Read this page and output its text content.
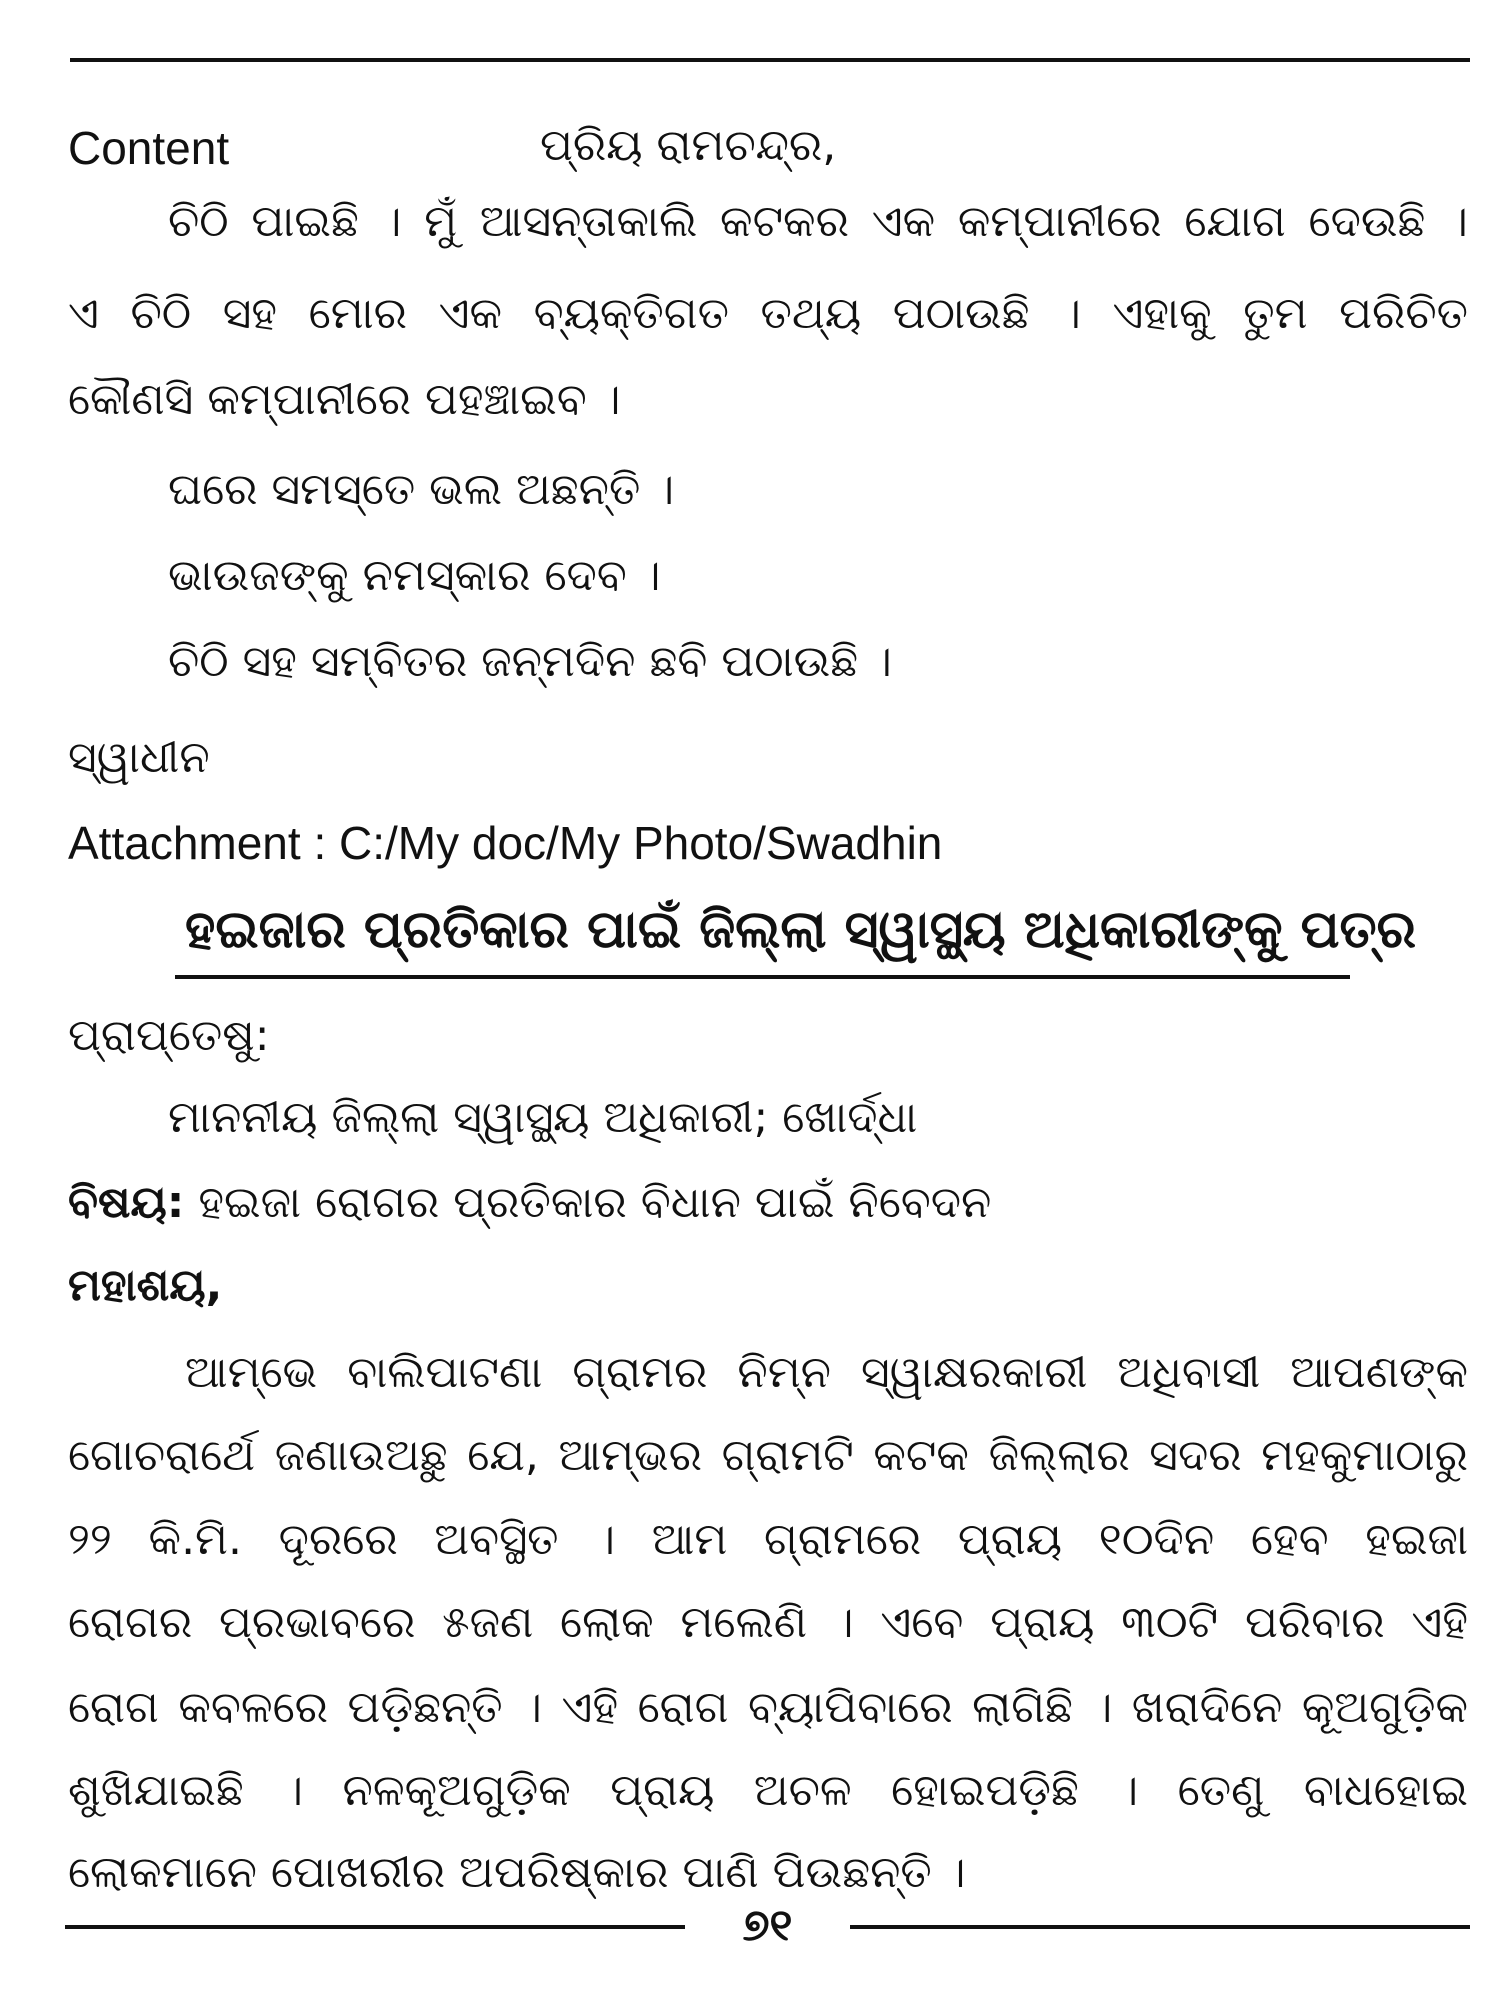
Content	ପ୍ରିୟ ରାମଚନ୍ଦ୍ର,
ଚିଠି ପାଇଛି । ମୁଁ ଆସନ୍ତାକାଲି କଟକର ଏକ କମ୍ପାନୀରେ ଯୋଗ ଦେଉଛି ।
ଏ ଚିଠି ସହ ମୋର ଏକ ବ୍ୟକ୍ତିଗତ ତଥ୍ୟ ପଠାଉଛି । ଏହାକୁ ତୁମ ପରିଚିତ
କୌଣସି କମ୍ପାନୀରେ ପହଞ୍ଚାଇବ ।
ଘରେ ସମସ୍ତେ ଭଲ ଅଛନ୍ତି ।
ଭାଉଜଙ୍କୁ ନମସ୍କାର ଦେବ ।
ଚିଠି ସହ ସମ୍ବିତର ଜନ୍ମଦିନ ଛବି ପଠାଉଛି ।
ସ୍ୱାଧୀନ
Attachment : C:/My doc/My Photo/Swadhin
ହଇଜାର ପ୍ରତିକାର ପାଇଁ ଜିଲ୍ଲା ସ୍ୱାସ୍ଥ୍ୟ ଅଧିକାରୀଙ୍କୁ ପତ୍ର
ପ୍ରାପ୍ତେଷୁ:
ମାନନୀୟ ଜିଲ୍ଲା ସ୍ୱାସ୍ଥ୍ୟ ଅଧିକାରୀ; ଖୋର୍ଦ୍ଧା
ବିଷୟ: ହଇଜା ରୋଗର ପ୍ରତିକାର ବିଧାନ ପାଇଁ ନିବେଦନ
ମହାଶୟ,
ଆମ୍ଭେ ବାଲିପାଟଣା ଗ୍ରାମର ନିମ୍ନ ସ୍ୱାକ୍ଷରକାରୀ ଅଧିବାସୀ ଆପଣଙ୍କ
ଗୋଚରାର୍ଥେ ଜଣାଉଅଛୁ ଯେ, ଆମ୍ଭର ଗ୍ରାମଟି କଟକ ଜିଲ୍ଲାର ସଦର ମହକୁମାଠାରୁ
୨୨ କି.ମି. ଦୂରରେ ଅବସ୍ଥିତ । ଆମ ଗ୍ରାମରେ ପ୍ରାୟ ୧୦ଦିନ ହେବ ହଇଜା
ରୋଗର ପ୍ରଭାବରେ ୫ଜଣ ଲୋକ ମଲେଣି । ଏବେ ପ୍ରାୟ ୩୦ଟି ପରିବାର ଏହି
ରୋଗ କବଳରେ ପଡ଼ିଛନ୍ତି । ଏହି ରୋଗ ବ୍ୟାପିବାରେ ଲାଗିଛି । ଖରାଦିନେ କୂଅଗୁଡ଼ିକ
ଶୁଖିଯାଇଛି । ନଳକୂଅଗୁଡ଼ିକ ପ୍ରାୟ ଅଚଳ ହୋଇପଡ଼ିଛି । ତେଣୁ ବାଧହୋଇ
ଲୋକମାନେ ପୋଖରୀର ଅପରିଷ୍କାର ପାଣି ପିଉଛନ୍ତି ।
୭୧
